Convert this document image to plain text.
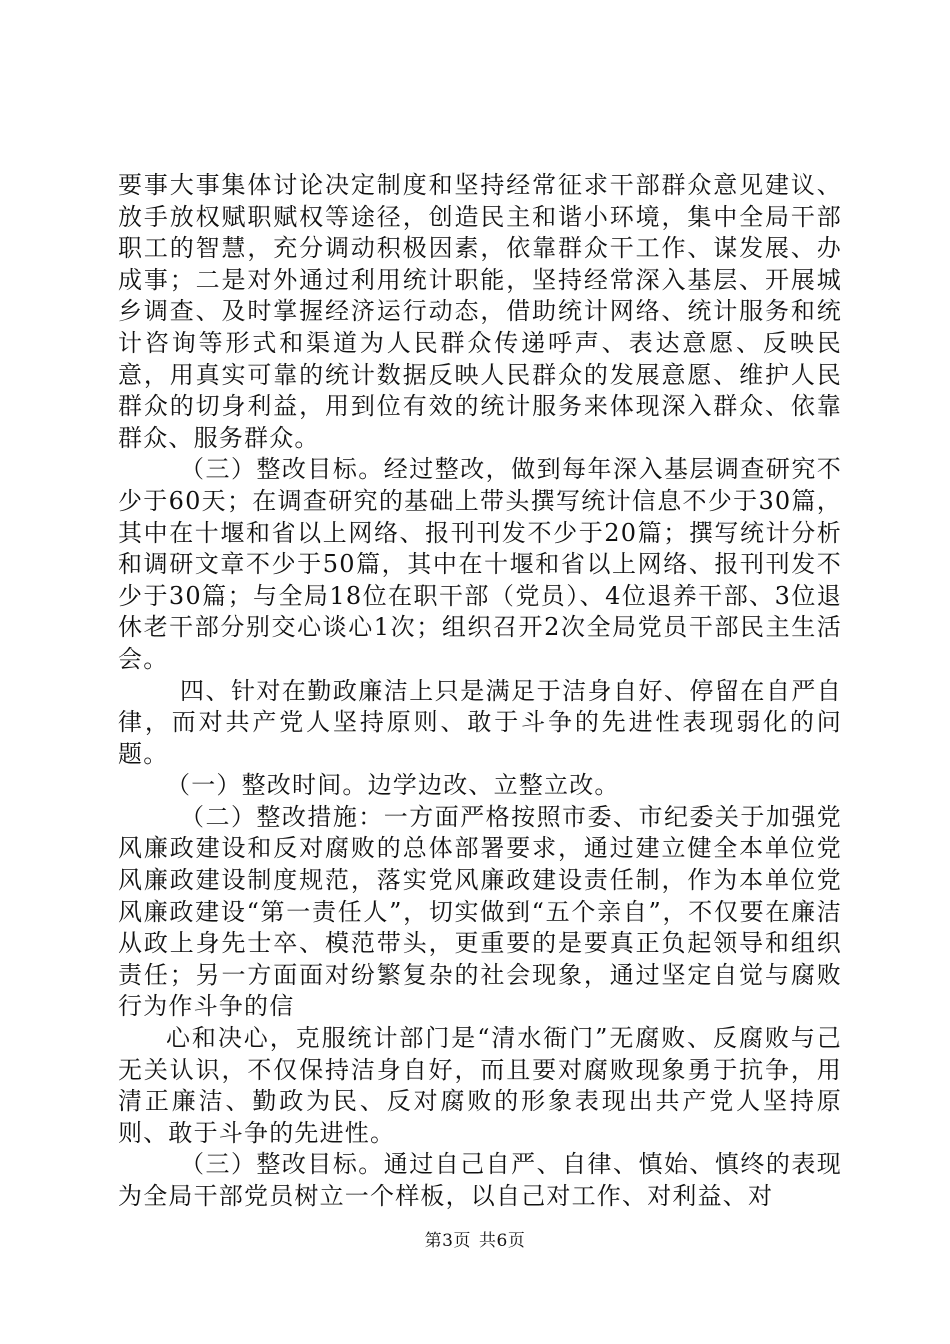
要事大事集体讨论决定制度和坚持经常征求干部群众意见建议、放手放权赋职赋权等途径，创造民主和谐小环境，集中全局干部职工的智慧，充分调动积极因素，依靠群众干工作、谋发展、办成事；二是对外通过利用统计职能，坚持经常深入基层、开展城乡调查、及时掌握经济运行动态，借助统计网络、统计服务和统计咨询等形式和渠道为人民群众传递呼声、表达意愿、反映民意，用真实可靠的统计数据反映人民群众的发展意愿、维护人民群众的切身利益，用到位有效的统计服务来体现深入群众、依靠群众、服务群众。

（三）整改目标。经过整改，做到每年深入基层调查研究不少于60天；在调查研究的基础上带头撰写统计信息不少于30篇，其中在十堰和省以上网络、报刊刊发不少于20篇；撰写统计分析和调研文章不少于50篇，其中在十堰和省以上网络、报刊刊发不少于30篇；与全局18位在职干部（党员）、4位退养干部、3位退休老干部分别交心谈心1次；组织召开2次全局党员干部民主生活会。

四、针对在勤政廉洁上只是满足于洁身自好、停留在自严自律，而对共产党人坚持原则、敢于斗争的先进性表现弱化的问题。

（一）整改时间。边学边改、立整立改。

（二）整改措施：一方面严格按照市委、市纪委关于加强党风廉政建设和反对腐败的总体部署要求，通过建立健全本单位党风廉政建设制度规范，落实党风廉政建设责任制，作为本单位党风廉政建设“第一责任人”，切实做到“五个亲自”，不仅要在廉洁从政上身先士卒、模范带头，更重要的是要真正负起领导和组织责任；另一方面面对纷繁复杂的社会现象，通过坚定自觉与腐败行为作斗争的信

心和决心，克服统计部门是“清水衙门”无腐败、反腐败与己无关认识，不仅保持洁身自好，而且要对腐败现象勇于抗争，用清正廉洁、勤政为民、反对腐败的形象表现出共产党人坚持原则、敢于斗争的先进性。

（三）整改目标。通过自己自严、自律、慎始、慎终的表现为全局干部党员树立一个样板，以自己对工作、对利益、对

第3页 共6页
